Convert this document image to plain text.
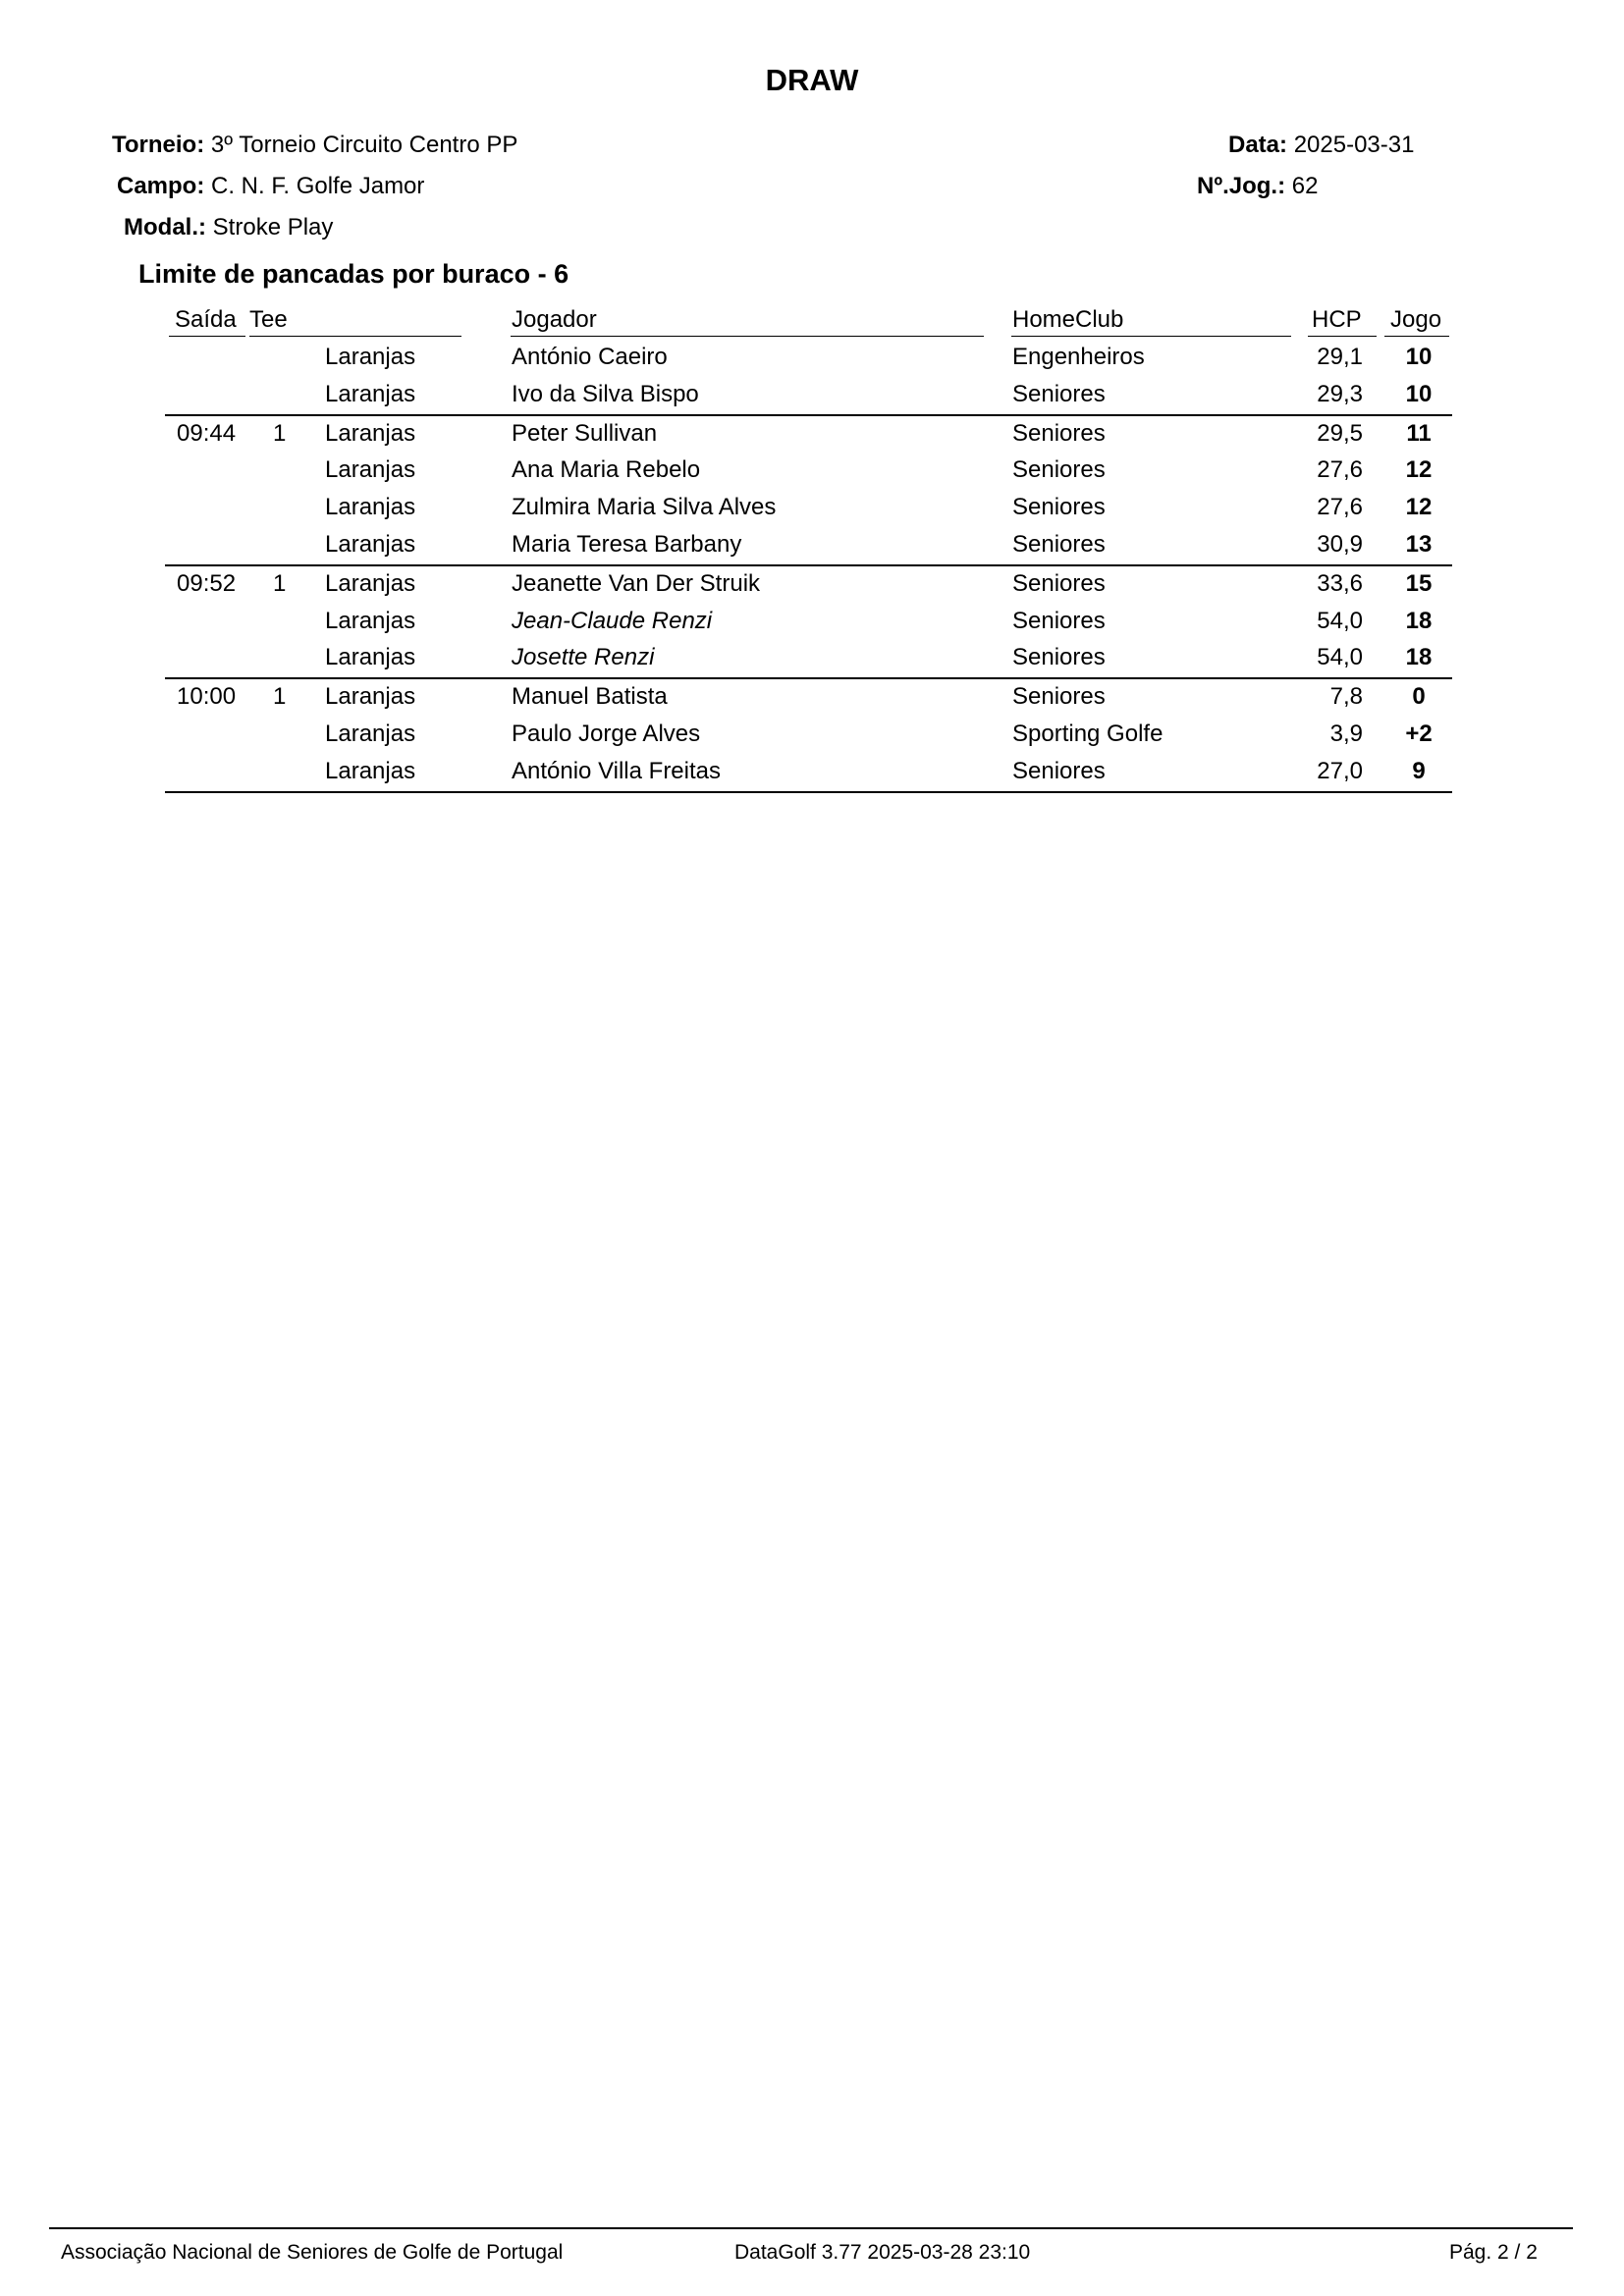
DRAW
Torneio: 3º Torneio Circuito Centro PP
Campo: C. N. F. Golfe Jamor
Modal.: Stroke Play
Data: 2025-03-31
Nº.Jog.: 62
Limite de pancadas por buraco - 6
Saída Tee	Jogador	HomeClub	HCP Jogo
Laranjas	António Caeiro	Engenheiros	29,1	10
Laranjas	Ivo da Silva Bispo	Seniores	29,3	10
09:44 1 Laranjas	Peter Sullivan	Seniores	29,5	11
Laranjas	Ana Maria Rebelo	Seniores	27,6	12
Laranjas	Zulmira Maria Silva Alves	Seniores	27,6	12
Laranjas	Maria Teresa Barbany	Seniores	30,9	13
09:52 1 Laranjas	Jeanette Van Der Struik	Seniores	33,6	15
Laranjas	Jean-Claude Renzi	Seniores	54,0	18
Laranjas	Josette Renzi	Seniores	54,0	18
10:00 1 Laranjas	Manuel Batista	Seniores	7,8	0
Laranjas	Paulo Jorge Alves	Sporting Golfe	3,9	+2
Laranjas	António Villa Freitas	Seniores	27,0	9
Associação Nacional de Seniores de Golfe de Portugal	DataGolf 3.77 2025-03-28 23:10	Pág. 2 / 2
